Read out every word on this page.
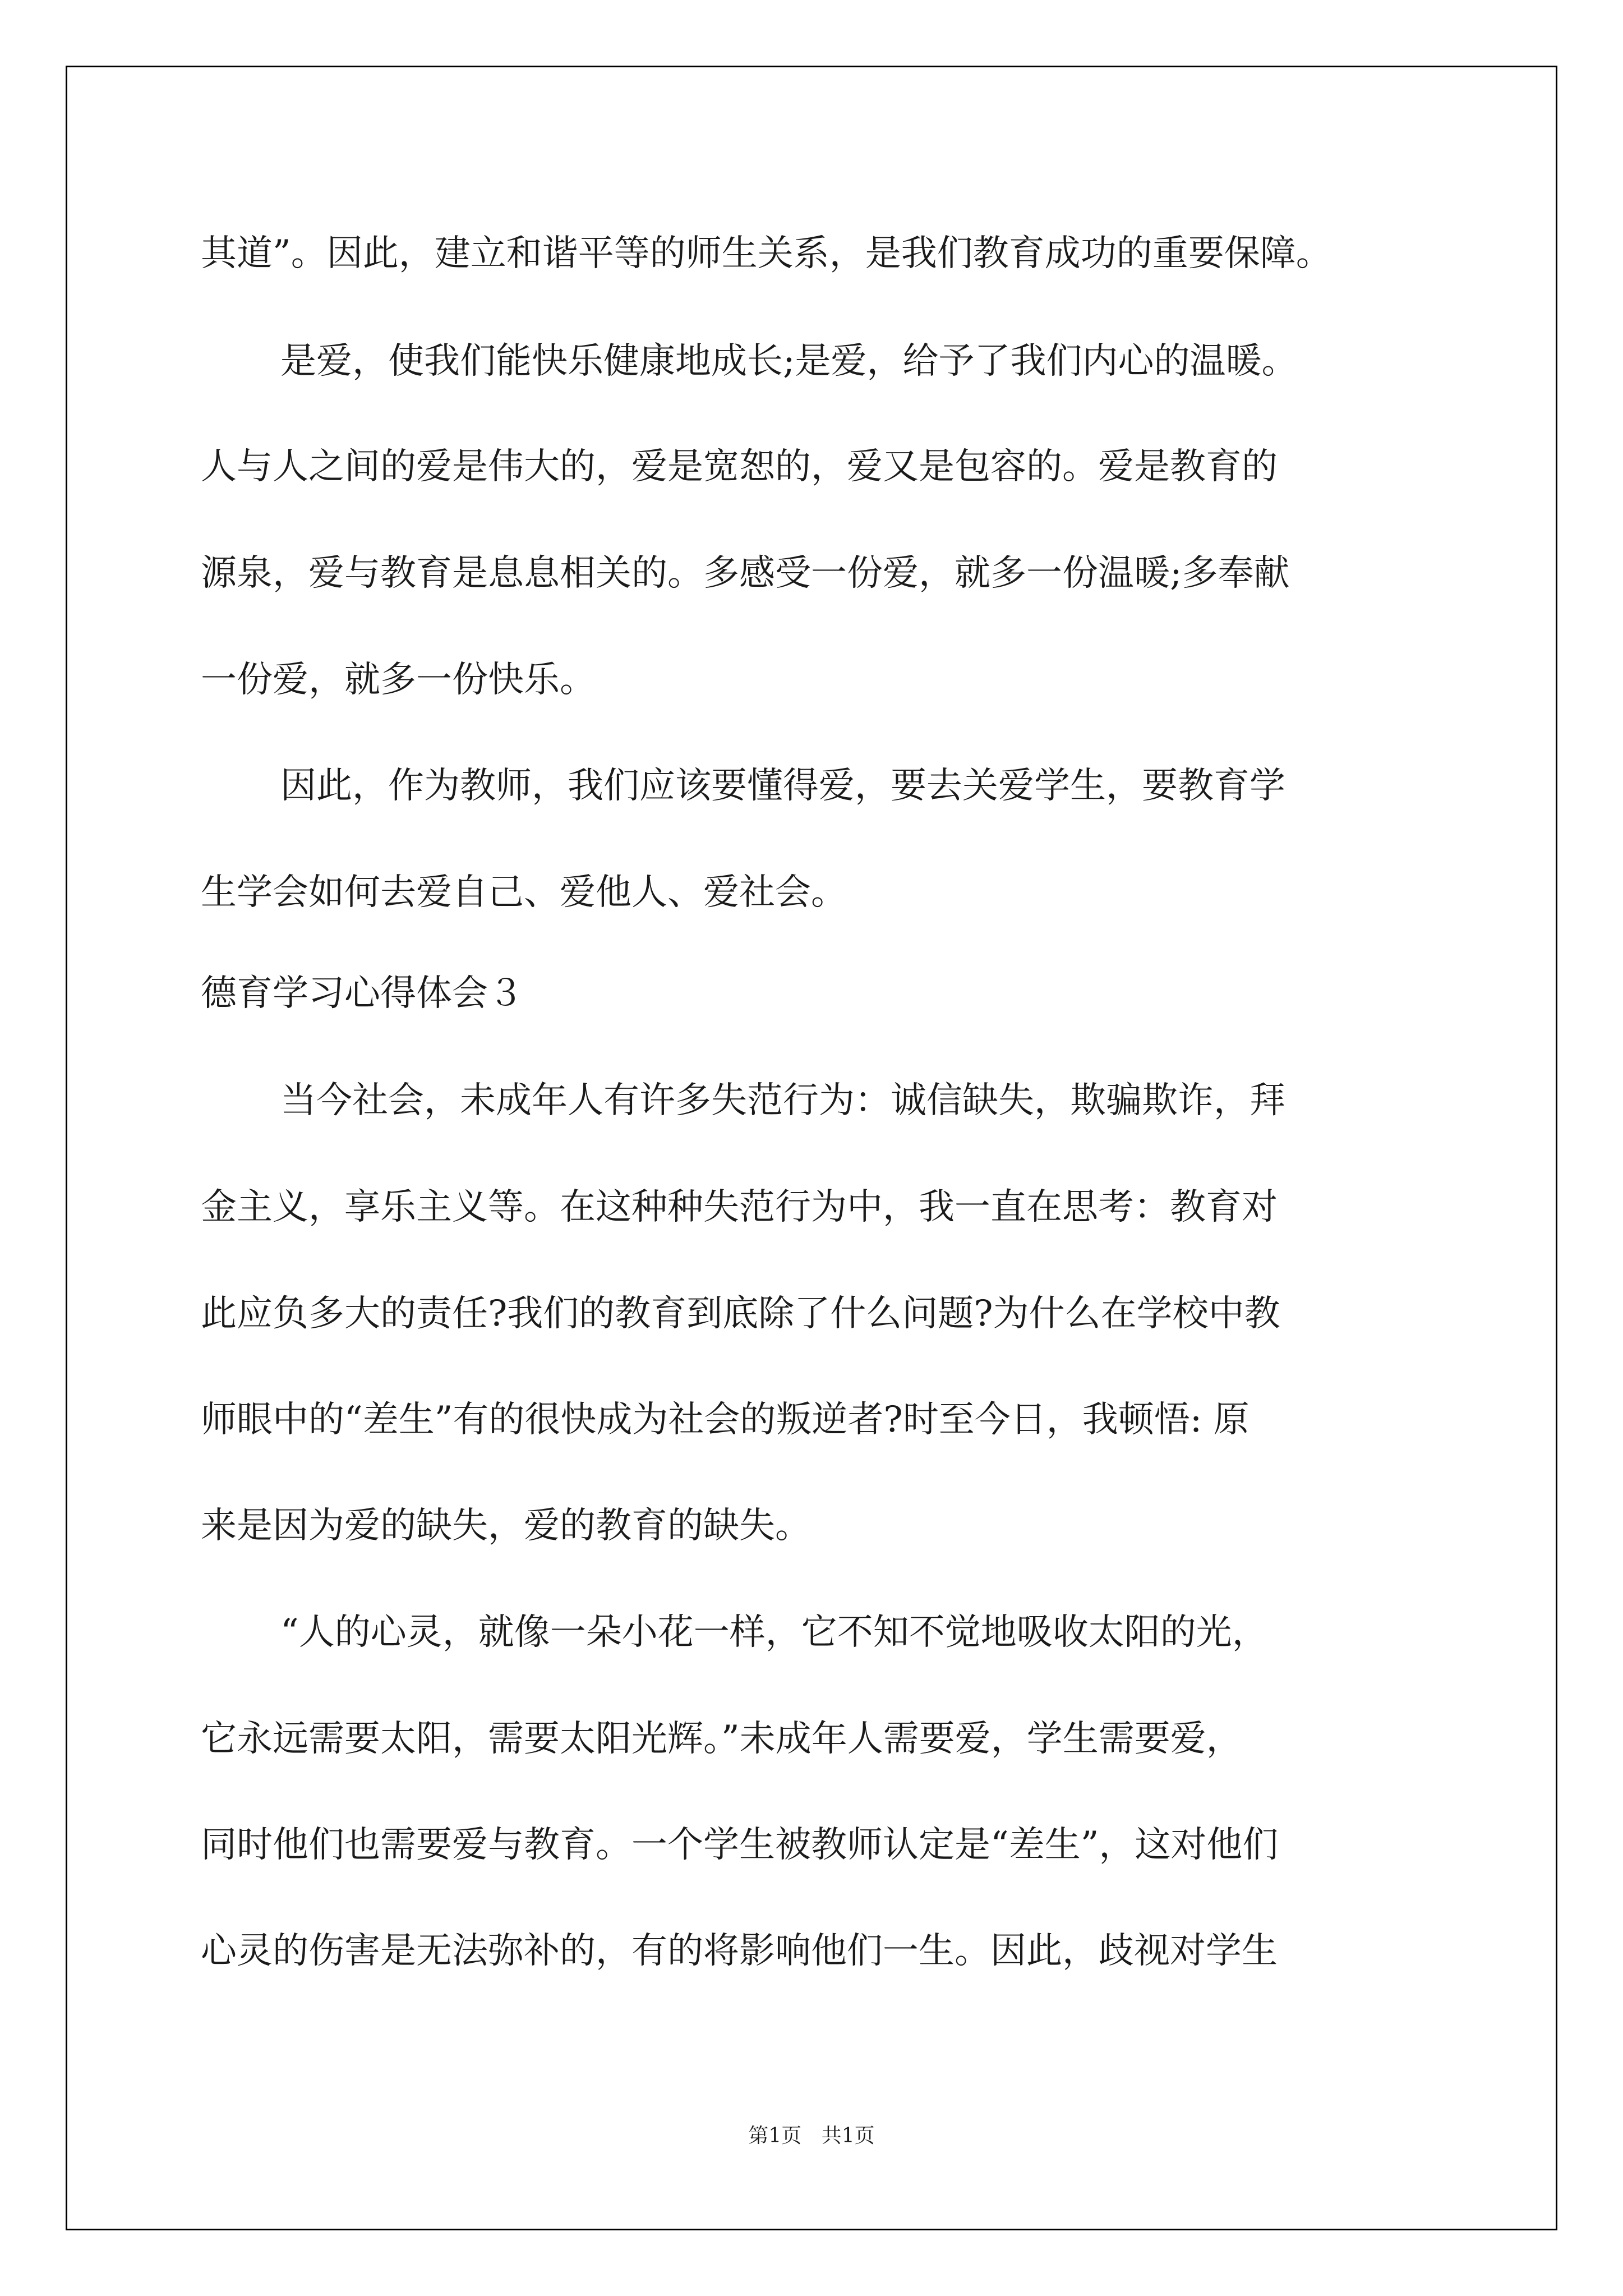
其道”。因此，建立和谐平等的师生关系，是我们教育成功的重要保障。
是爱，使我们能快乐健康地成长;是爱，给予了我们内心的温暖。
人与人之间的爱是伟大的，爱是宽恕的，爱又是包容的。爱是教育的
源泉，爱与教育是息息相关的。多感受一份爱，就多一份温暖;多奉献
一份爱，就多一份快乐。
因此，作为教师，我们应该要懂得爱，要去关爱学生，要教育学
生学会如何去爱自己、爱他人、爱社会。
德育学习心得体会３
当今社会，未成年人有许多失范行为：诚信缺失，欺骗欺诈，拜
金主义，享乐主义等。在这种种失范行为中，我一直在思考：教育对
此应负多大的责任?我们的教育到底除了什么问题?为什么在学校中教
师眼中的“差生”有的很快成为社会的叛逆者?时至今日，我顿悟: 原
来是因为爱的缺失，爱的教育的缺失。
“人的心灵，就像一朵小花一样，它不知不觉地吸收太阳的光，
它永远需要太阳，需要太阳光辉。”未成年人需要爱，学生需要爱，
同时他们也需要爱与教育。一个学生被教师认定是“差生”，这对他们
心灵的伤害是无法弥补的，有的将影响他们一生。因此，歧视对学生
第1页 共1页
